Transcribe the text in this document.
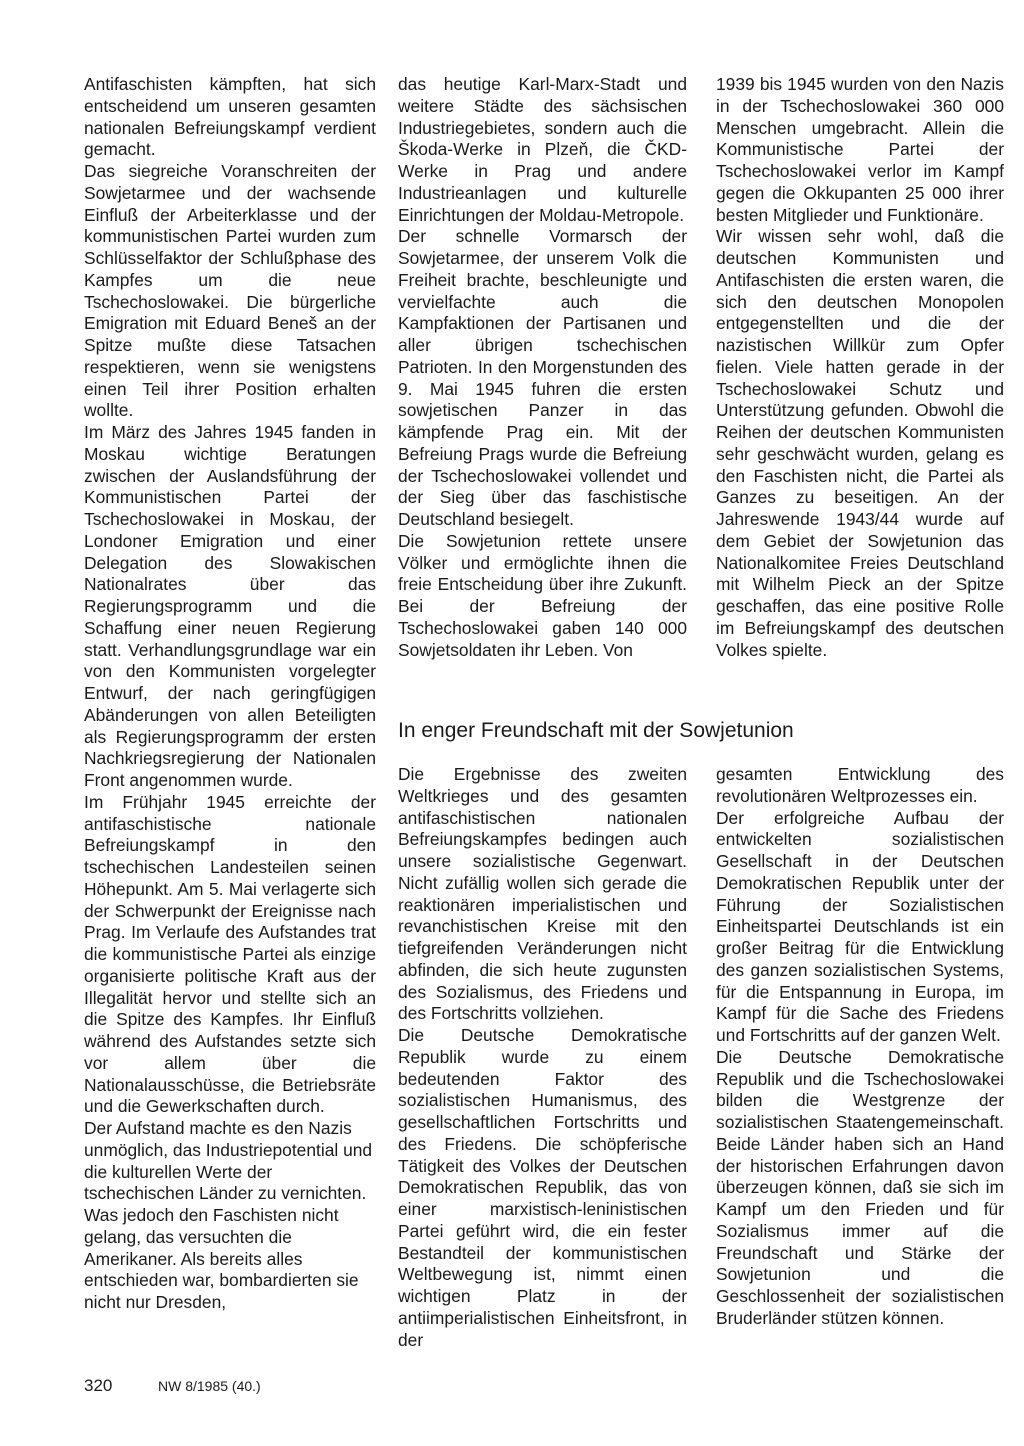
Antifaschisten kämpften, hat sich entscheidend um unseren gesamten nationalen Befreiungskampf verdient gemacht.

Das siegreiche Voranschreiten der Sowjetarmee und der wachsende Einfluß der Arbeiterklasse und der kommunistischen Partei wurden zum Schlüsselfaktor der Schlußphase des Kampfes um die neue Tschechoslowakei. Die bürgerliche Emigration mit Eduard Beneš an der Spitze mußte diese Tatsachen respektieren, wenn sie wenigstens einen Teil ihrer Position erhalten wollte.

Im März des Jahres 1945 fanden in Moskau wichtige Beratungen zwischen der Auslandsführung der Kommunistischen Partei der Tschechoslowakei in Moskau, der Londoner Emigration und einer Delegation des Slowakischen Nationalrates über das Regierungsprogramm und die Schaffung einer neuen Regierung statt. Verhandlungsgrundlage war ein von den Kommunisten vorgelegter Entwurf, der nach geringfügigen Abänderungen von allen Beteiligten als Regierungsprogramm der ersten Nachkriegsregierung der Nationalen Front angenommen wurde.

Im Frühjahr 1945 erreichte der antifaschistische nationale Befreiungskampf in den tschechischen Landesteilen seinen Höhepunkt. Am 5. Mai verlagerte sich der Schwerpunkt der Ereignisse nach Prag. Im Verlaufe des Aufstandes trat die kommunistische Partei als einzige organisierte politische Kraft aus der Illegalität hervor und stellte sich an die Spitze des Kampfes. Ihr Einfluß während des Aufstandes setzte sich vor allem über die Nationalausschüsse, die Betriebsräte und die Gewerkschaften durch.

Der Aufstand machte es den Nazis unmöglich, das Industriepotential und die kulturellen Werte der tschechischen Länder zu vernichten. Was jedoch den Faschisten nicht gelang, das versuchten die Amerikaner. Als bereits alles entschieden war, bombardierten sie nicht nur Dresden,

das heutige Karl-Marx-Stadt und weitere Städte des sächsischen Industriegebietes, sondern auch die Škoda-Werke in Plzeň, die ČKD-Werke in Prag und andere Industrieanlagen und kulturelle Einrichtungen der Moldau-Metropole.

Der schnelle Vormarsch der Sowjetarmee, der unserem Volk die Freiheit brachte, beschleunigte und vervielfachte auch die Kampfaktionen der Partisanen und aller übrigen tschechischen Patrioten. In den Morgenstunden des 9. Mai 1945 fuhren die ersten sowjetischen Panzer in das kämpfende Prag ein. Mit der Befreiung Prags wurde die Befreiung der Tschechoslowakei vollendet und der Sieg über das faschistische Deutschland besiegelt.

Die Sowjetunion rettete unsere Völker und ermöglichte ihnen die freie Entscheidung über ihre Zukunft. Bei der Befreiung der Tschechoslowakei gaben 140 000 Sowjetsoldaten ihr Leben. Von

1939 bis 1945 wurden von den Nazis in der Tschechoslowakei 360 000 Menschen umgebracht. Allein die Kommunistische Partei der Tschechoslowakei verlor im Kampf gegen die Okkupanten 25 000 ihrer besten Mitglieder und Funktionäre.

Wir wissen sehr wohl, daß die deutschen Kommunisten und Antifaschisten die ersten waren, die sich den deutschen Monopolen entgegenstellten und die der nazistischen Willkür zum Opfer fielen. Viele hatten gerade in der Tschechoslowakei Schutz und Unterstützung gefunden. Obwohl die Reihen der deutschen Kommunisten sehr geschwächt wurden, gelang es den Faschisten nicht, die Partei als Ganzes zu beseitigen. An der Jahreswende 1943/44 wurde auf dem Gebiet der Sowjetunion das Nationalkomitee Freies Deutschland mit Wilhelm Pieck an der Spitze geschaffen, das eine positive Rolle im Befreiungskampf des deutschen Volkes spielte.

In enger Freundschaft mit der Sowjetunion

Die Ergebnisse des zweiten Weltkrieges und des gesamten antifaschistischen nationalen Befreiungskampfes bedingen auch unsere sozialistische Gegenwart. Nicht zufällig wollen sich gerade die reaktionären imperialistischen und revanchistischen Kreise mit den tiefgreifenden Veränderungen nicht abfinden, die sich heute zugunsten des Sozialismus, des Friedens und des Fortschritts vollziehen.

Die Deutsche Demokratische Republik wurde zu einem bedeutenden Faktor des sozialistischen Humanismus, des gesellschaftlichen Fortschritts und des Friedens. Die schöpferische Tätigkeit des Volkes der Deutschen Demokratischen Republik, das von einer marxistisch-leninistischen Partei geführt wird, die ein fester Bestandteil der kommunistischen Weltbewegung ist, nimmt einen wichtigen Platz in der antiimperialistischen Einheitsfront, in der

gesamten Entwicklung des revolutionären Weltprozesses ein.

Der erfolgreiche Aufbau der entwickelten sozialistischen Gesellschaft in der Deutschen Demokratischen Republik unter der Führung der Sozialistischen Einheitspartei Deutschlands ist ein großer Beitrag für die Entwicklung des ganzen sozialistischen Systems, für die Entspannung in Europa, im Kampf für die Sache des Friedens und Fortschritts auf der ganzen Welt.

Die Deutsche Demokratische Republik und die Tschechoslowakei bilden die Westgrenze der sozialistischen Staatengemeinschaft. Beide Länder haben sich an Hand der historischen Erfahrungen davon überzeugen können, daß sie sich im Kampf um den Frieden und für Sozialismus immer auf die Freundschaft und Stärke der Sowjetunion und die Geschlossenheit der sozialistischen Bruderländer stützen können.

320	NW 8/1985 (40.)
